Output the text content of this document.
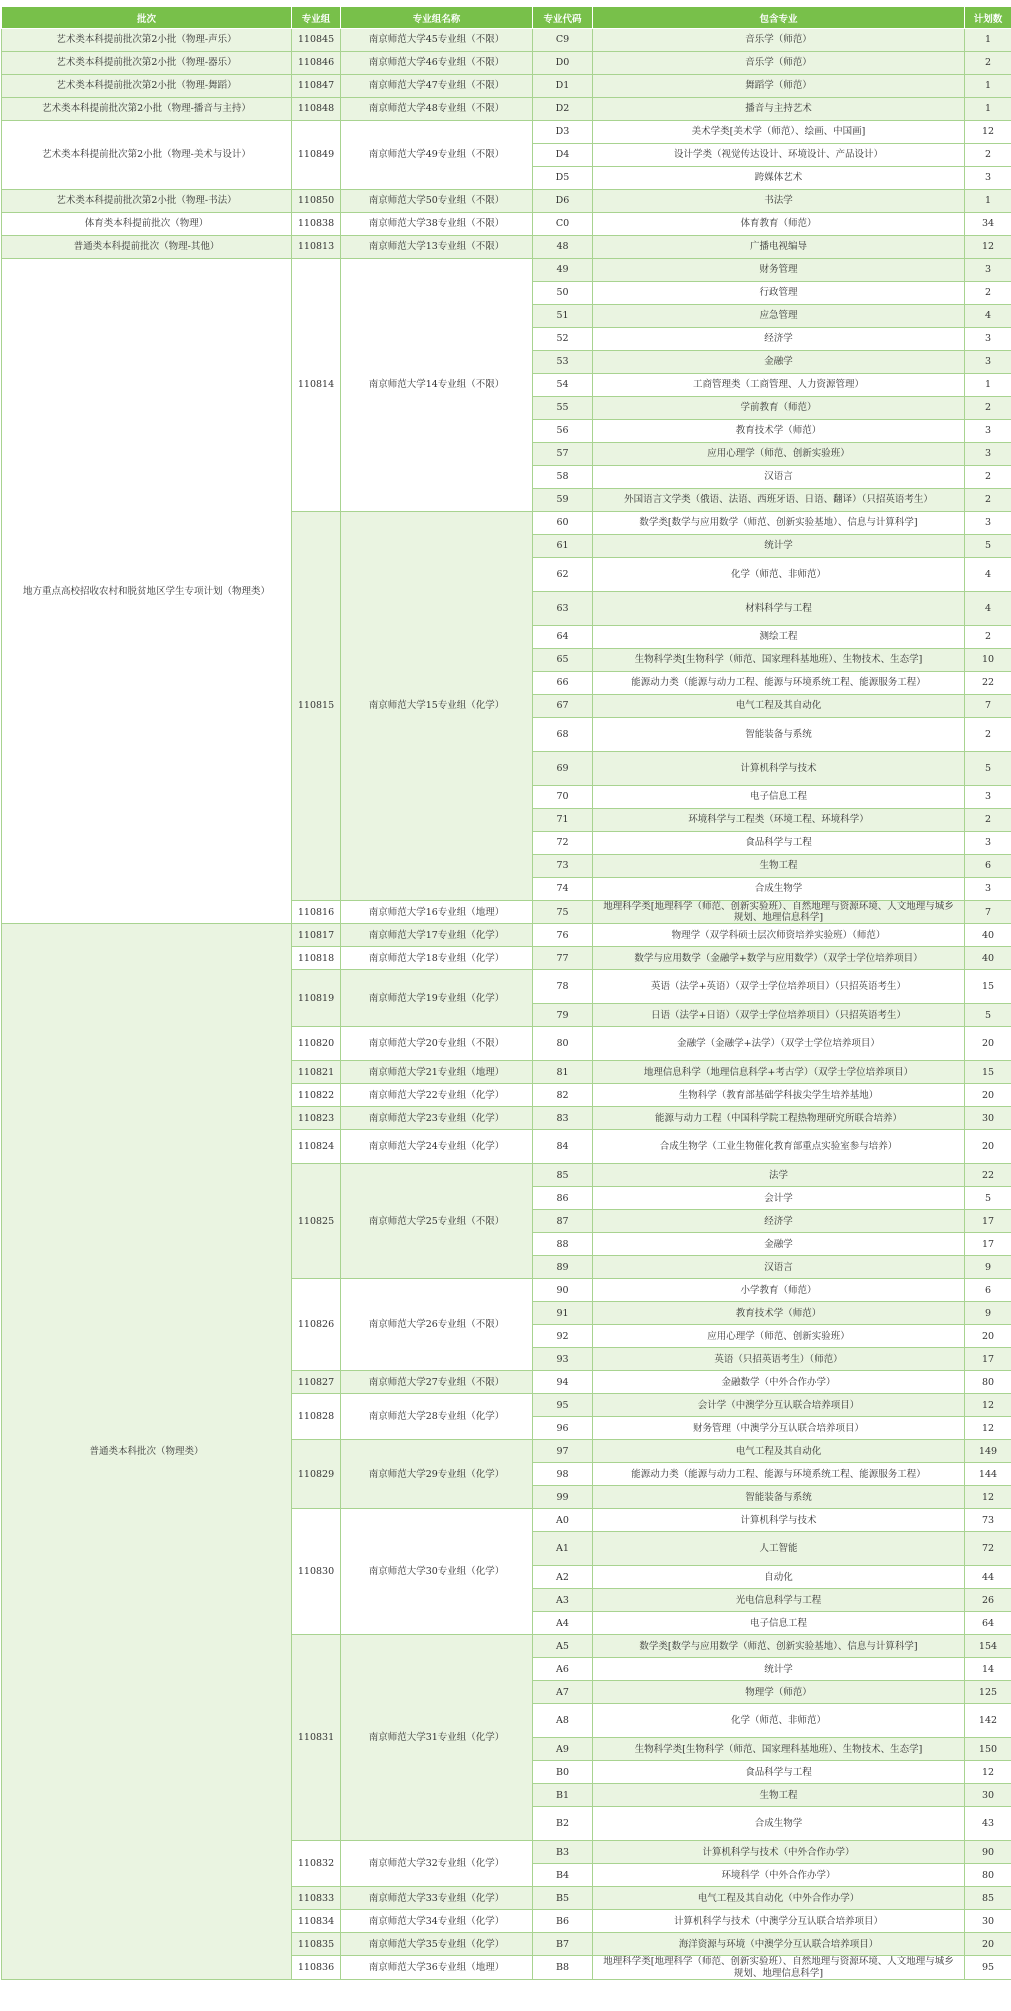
批次	专业组	专业组名称	专业代码	包含专业	计划数
艺术类本科提前批次第2小批（物理-声乐）	110845	南京师范大学45专业组（不限）	C9	音乐学（师范）	1
艺术类本科提前批次第2小批（物理-器乐）	110846	南京师范大学46专业组（不限）	D0	音乐学（师范）	2
艺术类本科提前批次第2小批（物理-舞蹈）	110847	南京师范大学47专业组（不限）	D1	舞蹈学（师范）	1
艺术类本科提前批次第2小批（物理-播音与主持）	110848	南京师范大学48专业组（不限）	D2	播音与主持艺术	1
艺术类本科提前批次第2小批（物理-美术与设计）	110849	南京师范大学49专业组（不限）	D3	美术学类[美术学（师范）、绘画、中国画]	12
			D4	设计学类（视觉传达设计、环境设计、产品设计）	2
			D5	跨媒体艺术	3
艺术类本科提前批次第2小批（物理-书法）	110850	南京师范大学50专业组（不限）	D6	书法学	1
体育类本科提前批次（物理）	110838	南京师范大学38专业组（不限）	C0	体育教育（师范）	34
普通类本科提前批次（物理-其他）	110813	南京师范大学13专业组（不限）	48	广播电视编导	12
地方重点高校招收农村和脱贫地区学生专项计划（物理类）	110814	南京师范大学14专业组（不限）	49	财务管理	3
			50	行政管理	2
			51	应急管理	4
			52	经济学	3
			53	金融学	3
			54	工商管理类（工商管理、人力资源管理）	1
			55	学前教育（师范）	2
			56	教育技术学（师范）	3
			57	应用心理学（师范、创新实验班）	3
			58	汉语言	2
			59	外国语言文学类（俄语、法语、西班牙语、日语、翻译）（只招英语考生）	2
	110815	南京师范大学15专业组（化学）	60	数学类[数学与应用数学（师范、创新实验基地）、信息与计算科学]	3
			61	统计学	5
			62	化学（师范、非师范）	4
			63	材料科学与工程	4
			64	测绘工程	2
			65	生物科学类[生物科学（师范、国家理科基地班）、生物技术、生态学]	10
			66	能源动力类（能源与动力工程、能源与环境系统工程、能源服务工程）	22
			67	电气工程及其自动化	7
			68	智能装备与系统	2
			69	计算机科学与技术	5
			70	电子信息工程	3
			71	环境科学与工程类（环境工程、环境科学）	2
			72	食品科学与工程	3
			73	生物工程	6
			74	合成生物学	3
	110816	南京师范大学16专业组（地理）	75	地理科学类[地理科学（师范、创新实验班）、自然地理与资源环境、人文地理与城乡规划、地理信息科学]	7
普通类本科批次（物理类）	110817	南京师范大学17专业组（化学）	76	物理学（双学科硕士层次师资培养实验班）（师范）	40
	110818	南京师范大学18专业组（化学）	77	数学与应用数学（金融学+数学与应用数学）（双学士学位培养项目）	40
	110819	南京师范大学19专业组（化学）	78	英语（法学+英语）（双学士学位培养项目）（只招英语考生）	15
			79	日语（法学+日语）（双学士学位培养项目）（只招英语考生）	5
	110820	南京师范大学20专业组（不限）	80	金融学（金融学+法学）（双学士学位培养项目）	20
	110821	南京师范大学21专业组（地理）	81	地理信息科学（地理信息科学+考古学）（双学士学位培养项目）	15
	110822	南京师范大学22专业组（化学）	82	生物科学（教育部基础学科拔尖学生培养基地）	20
	110823	南京师范大学23专业组（化学）	83	能源与动力工程（中国科学院工程热物理研究所联合培养）	30
	110824	南京师范大学24专业组（化学）	84	合成生物学（工业生物催化教育部重点实验室参与培养）	20
	110825	南京师范大学25专业组（不限）	85	法学	22
			86	会计学	5
			87	经济学	17
			88	金融学	17
			89	汉语言	9
	110826	南京师范大学26专业组（不限）	90	小学教育（师范）	6
			91	教育技术学（师范）	9
			92	应用心理学（师范、创新实验班）	20
			93	英语（只招英语考生）（师范）	17
	110827	南京师范大学27专业组（不限）	94	金融数学（中外合作办学）	80
	110828	南京师范大学28专业组（化学）	95	会计学（中澳学分互认联合培养项目）	12
			96	财务管理（中澳学分互认联合培养项目）	12
	110829	南京师范大学29专业组（化学）	97	电气工程及其自动化	149
			98	能源动力类（能源与动力工程、能源与环境系统工程、能源服务工程）	144
			99	智能装备与系统	12
	110830	南京师范大学30专业组（化学）	A0	计算机科学与技术	73
			A1	人工智能	72
			A2	自动化	44
			A3	光电信息科学与工程	26
			A4	电子信息工程	64
	110831	南京师范大学31专业组（化学）	A5	数学类[数学与应用数学（师范、创新实验基地）、信息与计算科学]	154
			A6	统计学	14
			A7	物理学（师范）	125
			A8	化学（师范、非师范）	142
			A9	生物科学类[生物科学（师范、国家理科基地班）、生物技术、生态学]	150
			B0	食品科学与工程	12
			B1	生物工程	30
			B2	合成生物学	43
	110832	南京师范大学32专业组（化学）	B3	计算机科学与技术（中外合作办学）	90
			B4	环境科学（中外合作办学）	80
	110833	南京师范大学33专业组（化学）	B5	电气工程及其自动化（中外合作办学）	85
	110834	南京师范大学34专业组（化学）	B6	计算机科学与技术（中澳学分互认联合培养项目）	30
	110835	南京师范大学35专业组（化学）	B7	海洋资源与环境（中澳学分互认联合培养项目）	20
	110836	南京师范大学36专业组（地理）	B8	地理科学类[地理科学（师范、创新实验班）、自然地理与资源环境、人文地理与城乡规划、地理信息科学]	95
